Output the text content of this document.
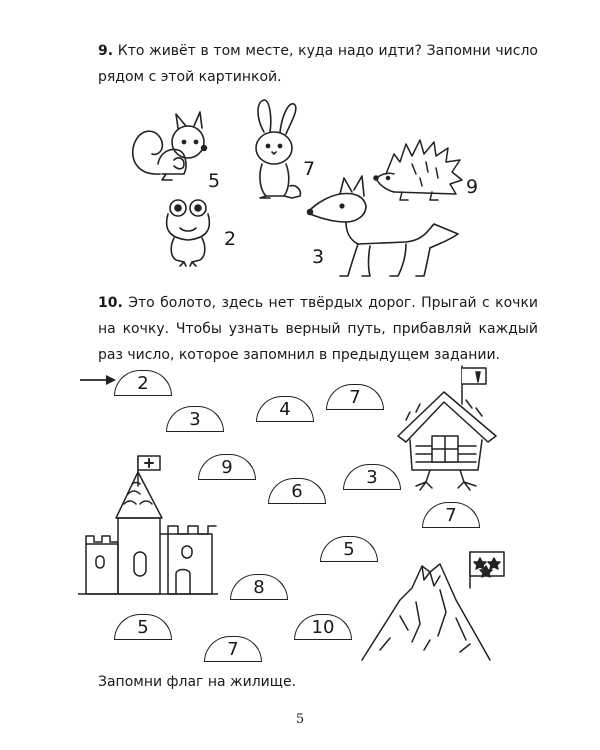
9. Кто живёт в том месте, куда надо идти? Запомни число рядом с этой картинкой.
5
7
9
2
3
10. Это болото, здесь нет твёрдых дорог. Прыгай с кочки на кочку. Чтобы узнать верный путь, прибавляй каждый раз число, которое запомнил в предыдущем задании.
2
3	4
7
9
6
3
7
5
8
5
7
10
Запомни флаг на жилище.
5
